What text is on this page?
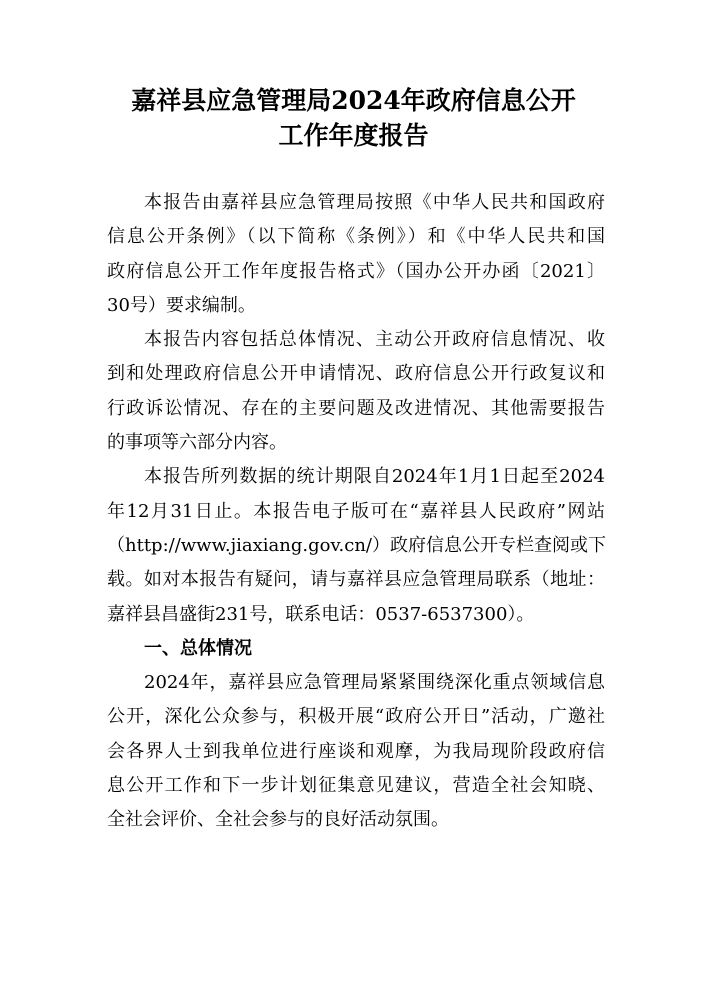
嘉祥县应急管理局2024年政府信息公开
工作年度报告
本报告由嘉祥县应急管理局按照《中华人民共和国政府
信息公开条例》（以下简称《条例》）和《中华人民共和国
政府信息公开工作年度报告格式》（国办公开办函〔2021〕
30号）要求编制。
本报告内容包括总体情况、主动公开政府信息情况、收
到和处理政府信息公开申请情况、政府信息公开行政复议和
行政诉讼情况、存在的主要问题及改进情况、其他需要报告
的事项等六部分内容。
本报告所列数据的统计期限自2024年1月1日起至2024
年12月31日止。本报告电子版可在“嘉祥县人民政府”网站
（http://www.jiaxiang.gov.cn/）政府信息公开专栏查阅或下
载。如对本报告有疑问，请与嘉祥县应急管理局联系（地址：
嘉祥县昌盛街231号，联系电话：0537-6537300）。
一、总体情况
2024年，嘉祥县应急管理局紧紧围绕深化重点领域信息
公开，深化公众参与，积极开展“政府公开日”活动，广邀社
会各界人士到我单位进行座谈和观摩，为我局现阶段政府信
息公开工作和下一步计划征集意见建议，营造全社会知晓、
全社会评价、全社会参与的良好活动氛围。
